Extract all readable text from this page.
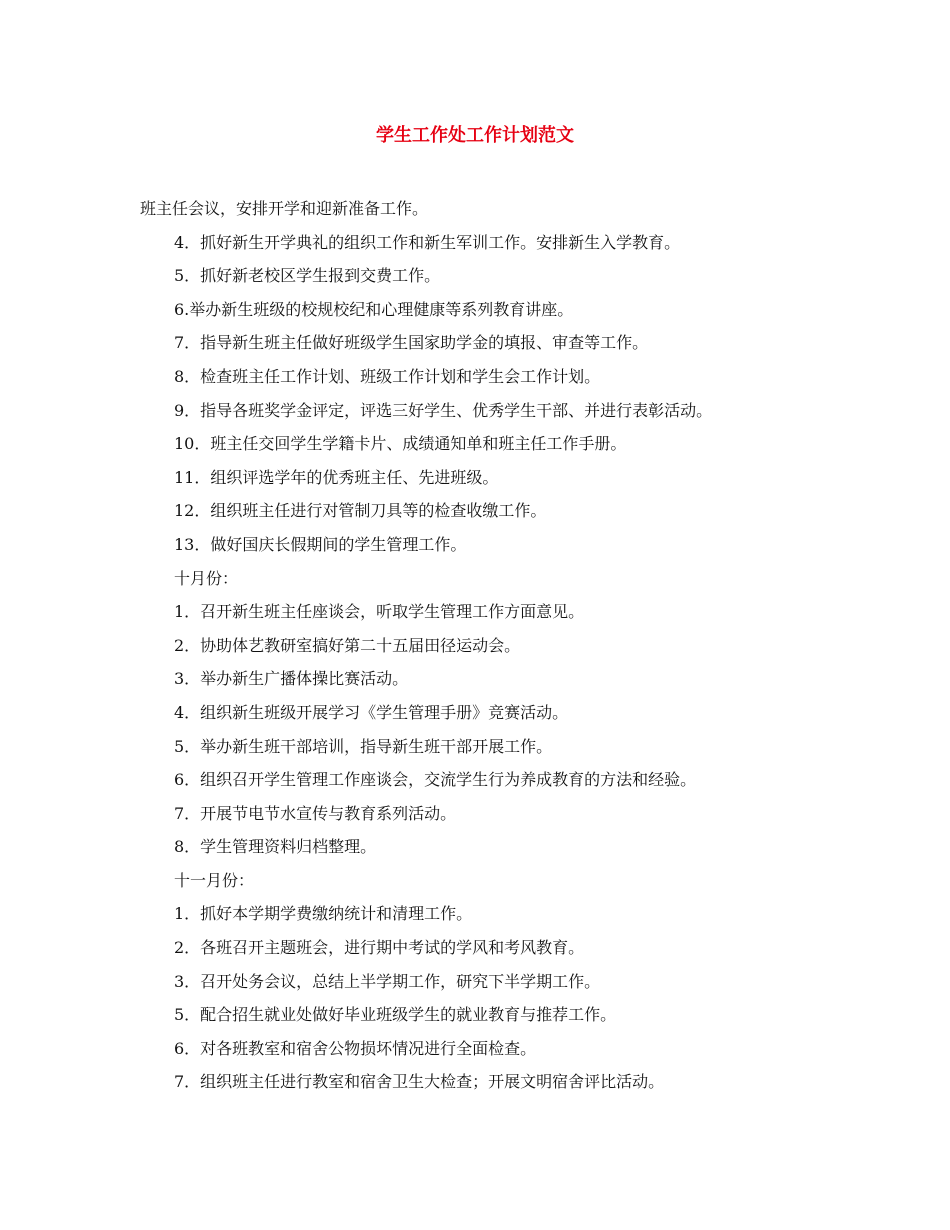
学生工作处工作计划范文
班主任会议，安排开学和迎新准备工作。
4．抓好新生开学典礼的组织工作和新生军训工作。安排新生入学教育。
5．抓好新老校区学生报到交费工作。
6.举办新生班级的校规校纪和心理健康等系列教育讲座。
7．指导新生班主任做好班级学生国家助学金的填报、审查等工作。
8．检查班主任工作计划、班级工作计划和学生会工作计划。
9．指导各班奖学金评定，评选三好学生、优秀学生干部、并进行表彰活动。
10．班主任交回学生学籍卡片、成绩通知单和班主任工作手册。
11．组织评选学年的优秀班主任、先进班级。
12．组织班主任进行对管制刀具等的检查收缴工作。
13．做好国庆长假期间的学生管理工作。
十月份：
1．召开新生班主任座谈会，听取学生管理工作方面意见。
2．协助体艺教研室搞好第二十五届田径运动会。
3．举办新生广播体操比赛活动。
4．组织新生班级开展学习《学生管理手册》竞赛活动。
5．举办新生班干部培训，指导新生班干部开展工作。
6．组织召开学生管理工作座谈会，交流学生行为养成教育的方法和经验。
7．开展节电节水宣传与教育系列活动。
8．学生管理资料归档整理。
十一月份：
1．抓好本学期学费缴纳统计和清理工作。
2．各班召开主题班会，进行期中考试的学风和考风教育。
3．召开处务会议，总结上半学期工作，研究下半学期工作。
5．配合招生就业处做好毕业班级学生的就业教育与推荐工作。
6．对各班教室和宿舍公物损坏情况进行全面检查。
7．组织班主任进行教室和宿舍卫生大检查；开展文明宿舍评比活动。
